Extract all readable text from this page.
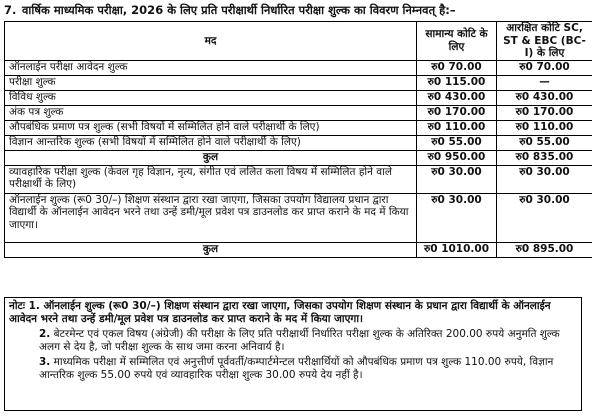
7. वार्षिक माध्यमिक परीक्षा, 2026 के लिए प्रति परीक्षार्थी निर्धारित परीक्षा शुल्क का विवरण निम्नवत् है:–
मद	सामान्य कोटि के लिए	आरक्षित कोटि SC, ST & EBC (BC-I) के लिए
ऑनलाईन परीक्षा आवेदन शुल्क	रु0 70.00	रु0 70.00
परीक्षा शुल्क	रु0 115.00	—
विविध शुल्क	रु0 430.00	रु0 430.00
अंक पत्र शुल्क	रु0 170.00	रु0 170.00
औपबंधिक प्रमाण पत्र शुल्क (सभी विषयों में सम्मिलित होने वाले परीक्षार्थी के लिए)	रु0 110.00	रु0 110.00
विज्ञान आन्तरिक शुल्क (सभी विषयों में सम्मिलित होने वाले परीक्षार्थी के लिए)	रु0 55.00	रु0 55.00
कुल	रु0 950.00	रु0 835.00
व्यावहारिक परीक्षा शुल्क (केवल गृह विज्ञान, नृत्य, संगीत एवं ललित कला विषय में सम्मिलित होने वाले परीक्षार्थी के लिए)	रु0 30.00	रु0 30.00
ऑनलाईन शुल्क (रू0 30/–) शिक्षण संस्थान द्वारा रखा जाएगा, जिसका उपयोग विद्यालय प्रधान द्वारा विद्यार्थी के ऑनलाईन आवेदन भरने तथा उन्हें डमी/मूल प्रवेश पत्र डाउनलोड कर प्राप्त कराने के मद में किया जाएगा।	रु0 30.00	रु0 30.00
कुल	रु0 1010.00	रु0 895.00

नोटः 1. ऑनलाईन शुल्क (रू0 30/–) शिक्षण संस्थान द्वारा रखा जाएगा, जिसका उपयोग शिक्षण संस्थान के प्रधान द्वारा विद्यार्थी के ऑनलाईन आवेदन भरने तथा उन्हें डमी/मूल प्रवेश पत्र डाउनलोड कर प्राप्त कराने के मद में किया जाएगा।

2. बेटरमेन्ट एवं एकल विषय (अंग्रेजी) की परीक्षा के लिए प्रति परीक्षार्थी निर्धारित परीक्षा शुल्क के अतिरिक्त 200.00 रुपये अनुमति शुल्क अलग से देय है, जो परीक्षा शुल्क के साथ जमा करना अनिवार्य है।

3. माध्यमिक परीक्षा में सम्मिलित एवं अनुत्तीर्ण पूर्ववर्ती/कम्पार्टमेन्टल परीक्षार्थियों को औपबंधिक प्रमाण पत्र शुल्क 110.00 रुपये, विज्ञान आन्तरिक शुल्क 55.00 रुपये एवं व्यावहारिक परीक्षा शुल्क 30.00 रुपये देय नहीं है।
